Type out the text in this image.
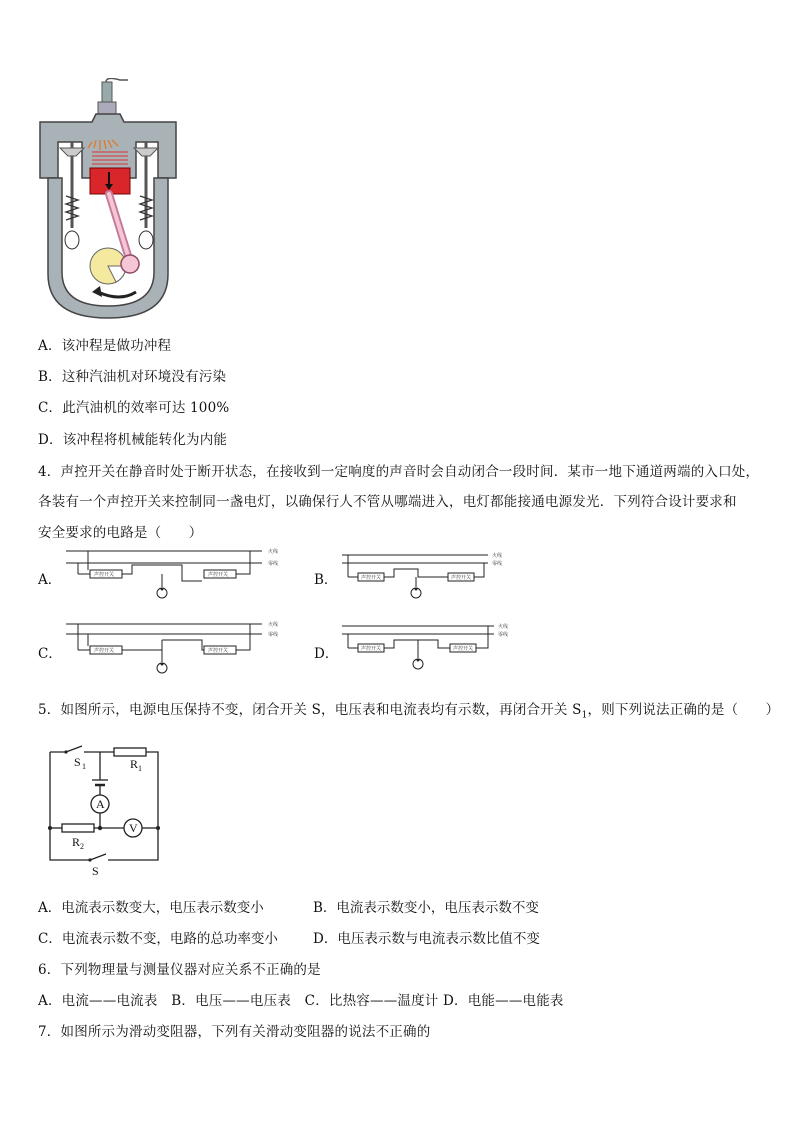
A．该冲程是做功冲程
B．这种汽油机对环境没有污染
C．此汽油机的效率可达 100%
D．该冲程将机械能转化为内能
4．声控开关在静音时处于断开状态，在接收到一定响度的声音时会自动闭合一段时间．某市一地下通道两端的入口处，
各装有一个声控开关来控制同一盏电灯，以确保行人不管从哪端进入，电灯都能接通电源发光．下列符合设计要求和
安全要求的电路是（　　）
A．	B．
C．	D．
火线
零线
声控开关	声控开关
火线
零线
声控开关	声控开关
火线
零线
声控开关	声控开关
火线
零线
声控开关	声控开关
5．如图所示，电源电压保持不变，闭合开关 S，电压表和电流表均有示数，再闭合开关 $S_1$，则下列说法正确的是（　　）
S 1	R 1
A
V
R 2
S
A．电流表示数变大，电压表示数变小	B．电流表示数变小，电压表示数不变
C．电流表示数不变，电路的总功率变小	D．电压表示数与电流表示数比值不变
6．下列物理量与测量仪器对应关系不正确的是
A．电流——电流表　B．电压——电压表　C．比热容——温度计 D．电能——电能表
7．如图所示为滑动变阻器，下列有关滑动变阻器的说法不正确的
